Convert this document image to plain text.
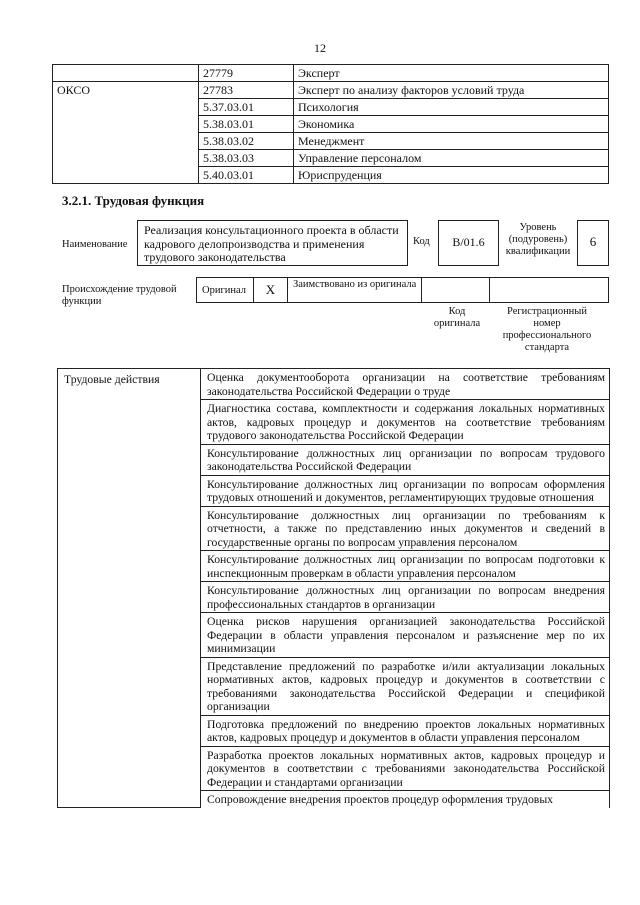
12
	27779	Эксперт
ОКСО	27783	Эксперт по анализу факторов условий труда
	5.37.03.01	Психология
	5.38.03.01	Экономика
	5.38.03.02	Менеджмент
	5.38.03.03	Управление персоналом
	5.40.03.01	Юриспруденция
3.2.1. Трудовая функция
Наименование
Реализация консультационного проекта в области кадрового делопроизводства и применения трудового законодательства
Код	В/01.6
Уровень (подуровень) квалификации
6
Происхождение трудовой функции
Оригинал	X	Заимствовано из оригинала
Код оригинала
Регистрационный номер профессионального стандарта
Трудовые действия	Оценка документооборота организации на соответствие требованиям законодательства Российской Федерации о труде
Диагностика состава, комплектности и содержания локальных нормативных актов, кадровых процедур и документов на соответствие требованиям трудового законодательства Российской Федерации
Консультирование должностных лиц организации по вопросам трудового законодательства Российской Федерации
Консультирование должностных лиц организации по вопросам оформления трудовых отношений и документов, регламентирующих трудовые отношения
Консультирование должностных лиц организации по требованиям к отчетности, а также по представлению иных документов и сведений в государственные органы по вопросам управления персоналом
Консультирование должностных лиц организации по вопросам подготовки к инспекционным проверкам в области управления персоналом
Консультирование должностных лиц организации по вопросам внедрения профессиональных стандартов в организации
Оценка рисков нарушения организацией законодательства Российской Федерации в области управления персоналом и разъяснение мер по их минимизации
Представление предложений по разработке и/или актуализации локальных нормативных актов, кадровых процедур и документов в соответствии с требованиями законодательства Российской Федерации и спецификой организации
Подготовка предложений по внедрению проектов локальных нормативных актов, кадровых процедур и документов в области управления персоналом
Разработка проектов локальных нормативных актов, кадровых процедур и документов в соответствии с требованиями законодательства Российской Федерации и стандартами организации
Сопровождение внедрения проектов процедур оформления трудовых
